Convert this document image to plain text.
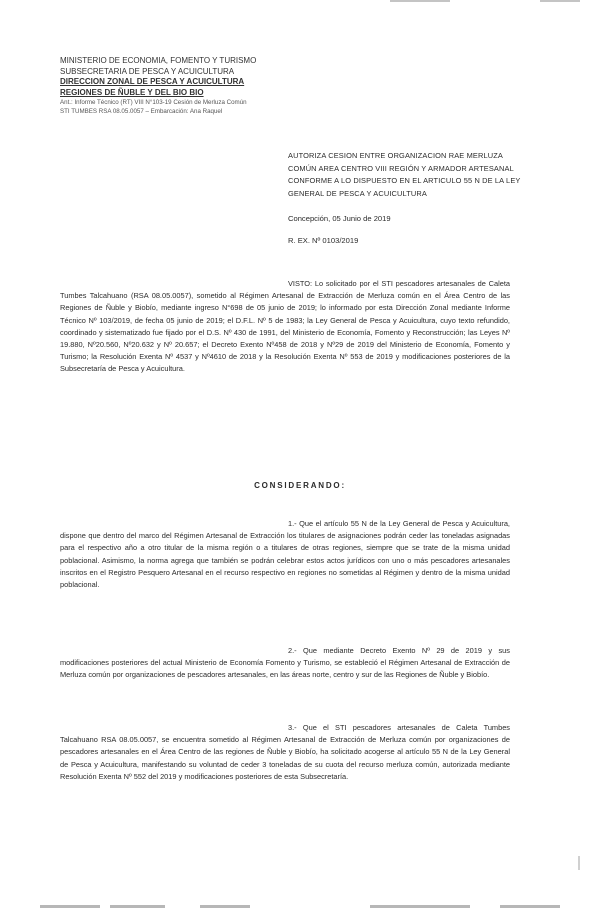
MINISTERIO DE ECONOMIA, FOMENTO Y TURISMO
SUBSECRETARIA DE PESCA Y ACUICULTURA
DIRECCION ZONAL DE PESCA Y ACUICULTURA
REGIONES DE ÑUBLE Y DEL BIO BIO
Ant.: Informe Técnico (RT) VIII N°103-19 Cesión de Merluza Común
STI TUMBES RSA 08.05.0057 – Embarcación: Ana Raquel
AUTORIZA CESION ENTRE ORGANIZACION RAE MERLUZA COMÚN AREA CENTRO VIII REGIÓN Y ARMADOR ARTESANAL CONFORME A LO DISPUESTO EN EL ARTICULO 55 N DE LA LEY GENERAL DE PESCA Y ACUICULTURA
Concepción, 05 Junio de 2019
R. EX. Nº 0103/2019
VISTO: Lo solicitado por el STI pescadores artesanales de Caleta Tumbes Talcahuano (RSA 08.05.0057), sometido al Régimen Artesanal de Extracción de Merluza común en el Área Centro de las Regiones de Ñuble y Biobío, mediante ingreso N°698 de 05 junio de 2019; lo informado por esta Dirección Zonal mediante Informe Técnico Nº 103/2019, de fecha 05 junio de 2019; el D.F.L. Nº 5 de 1983; la Ley General de Pesca y Acuicultura, cuyo texto refundido, coordinado y sistematizado fue fijado por el D.S. Nº 430 de 1991, del Ministerio de Economía, Fomento y Reconstrucción; las Leyes Nº 19.880, Nº20.560, Nº20.632 y Nº 20.657; el Decreto Exento Nº458 de 2018 y Nº29 de 2019 del Ministerio de Economía, Fomento y Turismo; la Resolución Exenta Nº 4537 y Nº4610 de 2018 y la Resolución Exenta Nº 553 de 2019 y modificaciones posteriores de la Subsecretaría de Pesca y Acuicultura.
CONSIDERANDO:
1.- Que el artículo 55 N de la Ley General de Pesca y Acuicultura, dispone que dentro del marco del Régimen Artesanal de Extracción los titulares de asignaciones podrán ceder las toneladas asignadas para el respectivo año a otro titular de la misma región o a titulares de otras regiones, siempre que se trate de la misma unidad poblacional. Asimismo, la norma agrega que también se podrán celebrar estos actos jurídicos con uno o más pescadores artesanales inscritos en el Registro Pesquero Artesanal en el recurso respectivo en regiones no sometidas al Régimen y dentro de la misma unidad poblacional.
2.- Que mediante Decreto Exento Nº 29 de 2019 y sus modificaciones posteriores del actual Ministerio de Economía Fomento y Turismo, se estableció el Régimen Artesanal de Extracción de Merluza común por organizaciones de pescadores artesanales, en las áreas norte, centro y sur de las Regiones de Ñuble y Biobío.
3.- Que el STI pescadores artesanales de Caleta Tumbes Talcahuano RSA 08.05.0057, se encuentra sometido al Régimen Artesanal de Extracción de Merluza común por organizaciones de pescadores artesanales en el Área Centro de las regiones de Ñuble y Biobío, ha solicitado acogerse al artículo 55 N de la Ley General de Pesca y Acuicultura, manifestando su voluntad de ceder 3 toneladas de su cuota del recurso merluza común, autorizada mediante Resolución Exenta Nº 552 del 2019 y modificaciones posteriores de esta Subsecretaría.
